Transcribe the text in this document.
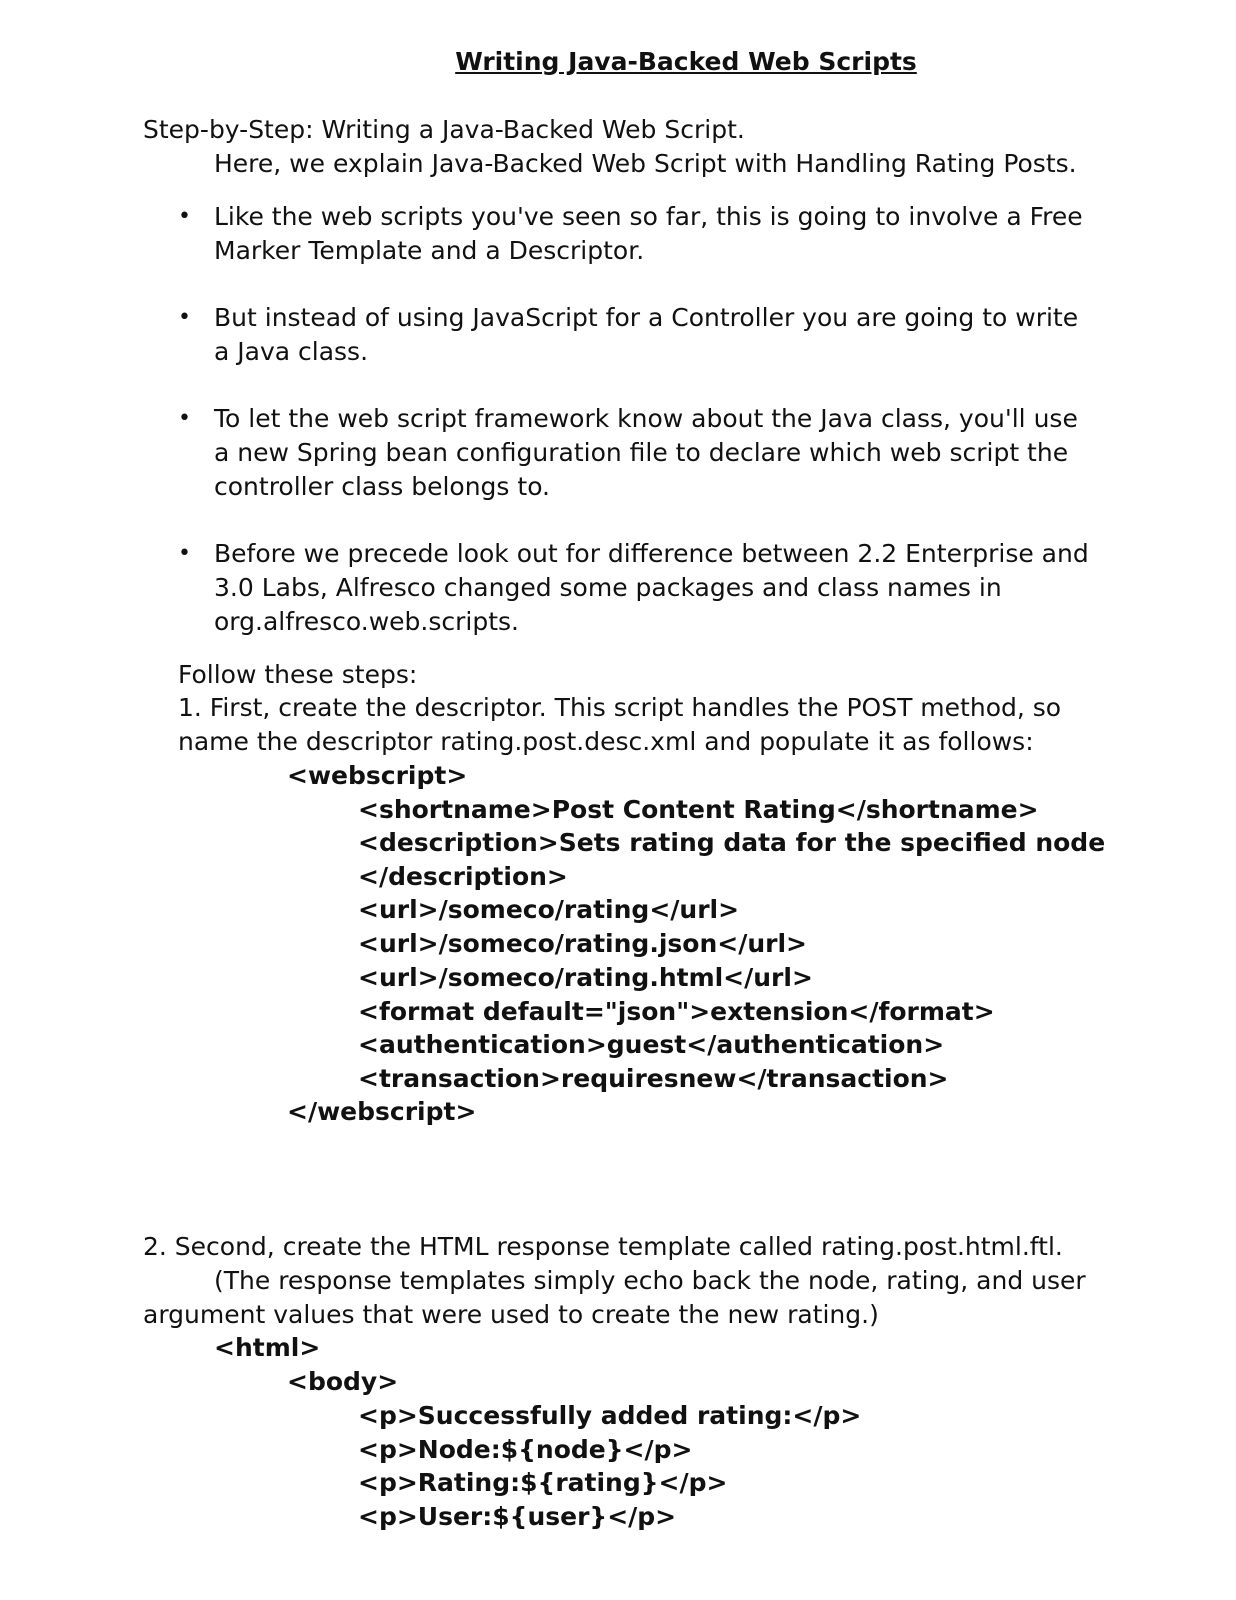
Writing Java-Backed Web Scripts
Step-by-Step: Writing a Java-Backed Web Script.
Here, we explain Java-Backed Web Script with Handling Rating Posts.
• Like the web scripts you've seen so far, this is going to involve a Free
Marker Template and a Descriptor.
• But instead of using JavaScript for a Controller you are going to write
a Java class.
• To let the web script framework know about the Java class, you'll use
a new Spring bean configuration file to declare which web script the
controller class belongs to.
• Before we precede look out for difference between 2.2 Enterprise and
3.0 Labs, Alfresco changed some packages and class names in
org.alfresco.web.scripts.
Follow these steps:
1. First, create the descriptor. This script handles the POST method, so
name the descriptor rating.post.desc.xml and populate it as follows:
<webscript>
<shortname>Post Content Rating</shortname>
<description>Sets rating data for the specified node
</description>
<url>/someco/rating</url>
<url>/someco/rating.json</url>
<url>/someco/rating.html</url>
<format default="json">extension</format>
<authentication>guest</authentication>
<transaction>requiresnew</transaction>
</webscript>
2. Second, create the HTML response template called rating.post.html.ftl.
(The response templates simply echo back the node, rating, and user
argument values that were used to create the new rating.)
<html>
<body>
<p>Successfully added rating:</p>
<p>Node:${node}</p>
<p>Rating:${rating}</p>
<p>User:${user}</p>
